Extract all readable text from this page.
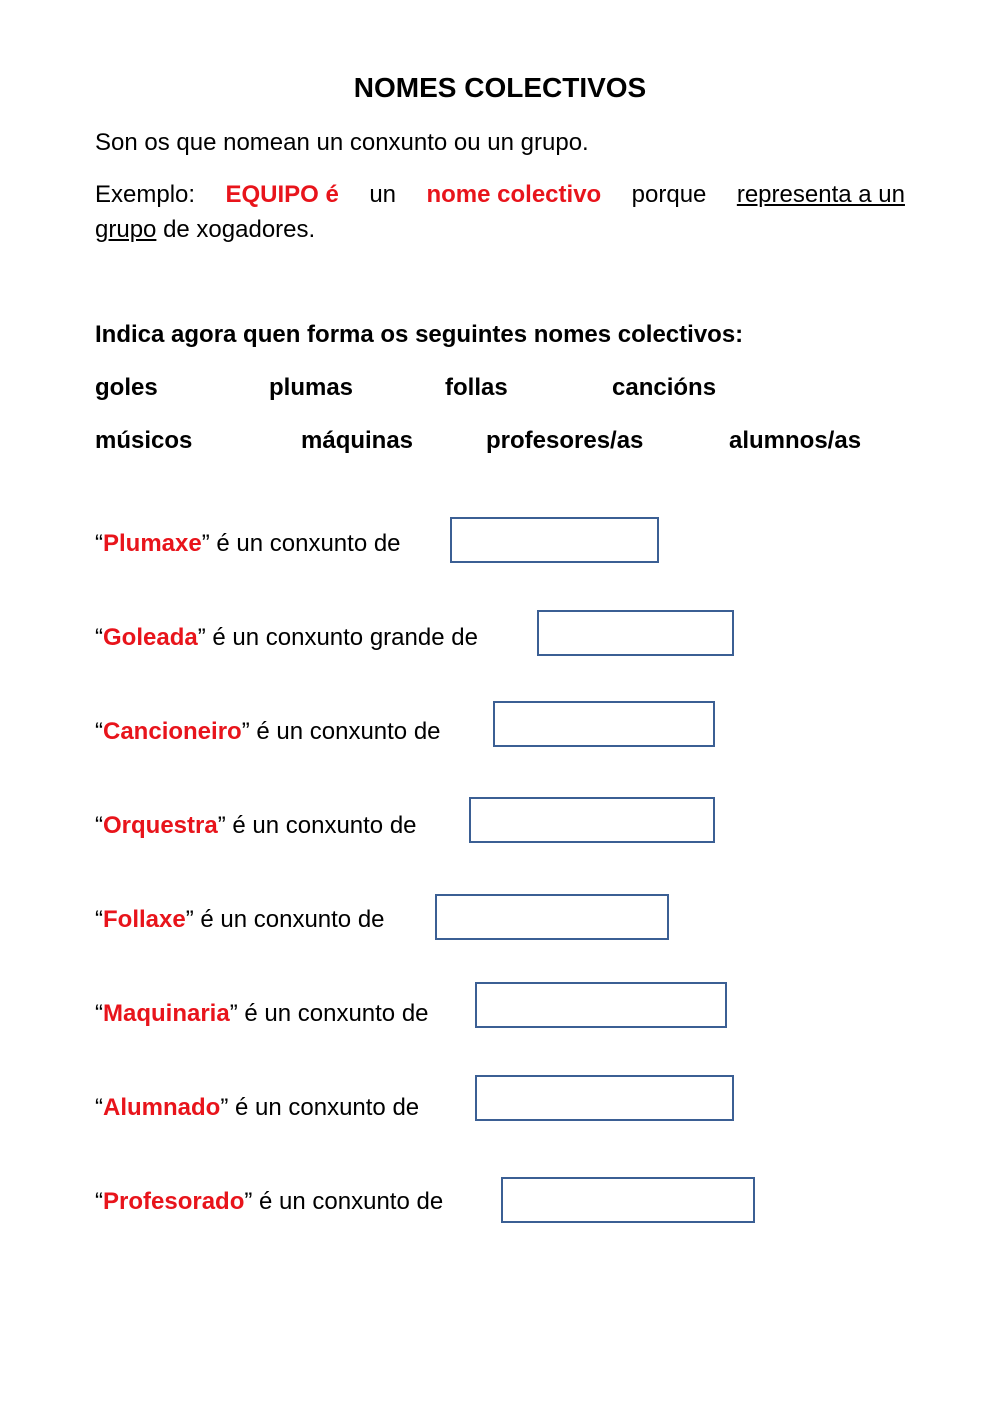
NOMES COLECTIVOS
Son os que nomean un conxunto ou un grupo.
Exemplo: EQUIPO é un nome colectivo porque representa a un
grupo de xogadores.
Indica agora quen forma os seguintes nomes colectivos:
goles	plumas	follas	cancións
músicos	máquinas	profesores/as	alumnos/as
“Plumaxe” é un conxunto de
“Goleada” é un conxunto grande de
“Cancioneiro” é un conxunto de
“Orquestra” é un conxunto de
“Follaxe” é un conxunto de
“Maquinaria” é un conxunto de
“Alumnado” é un conxunto de
“Profesorado” é un conxunto de
